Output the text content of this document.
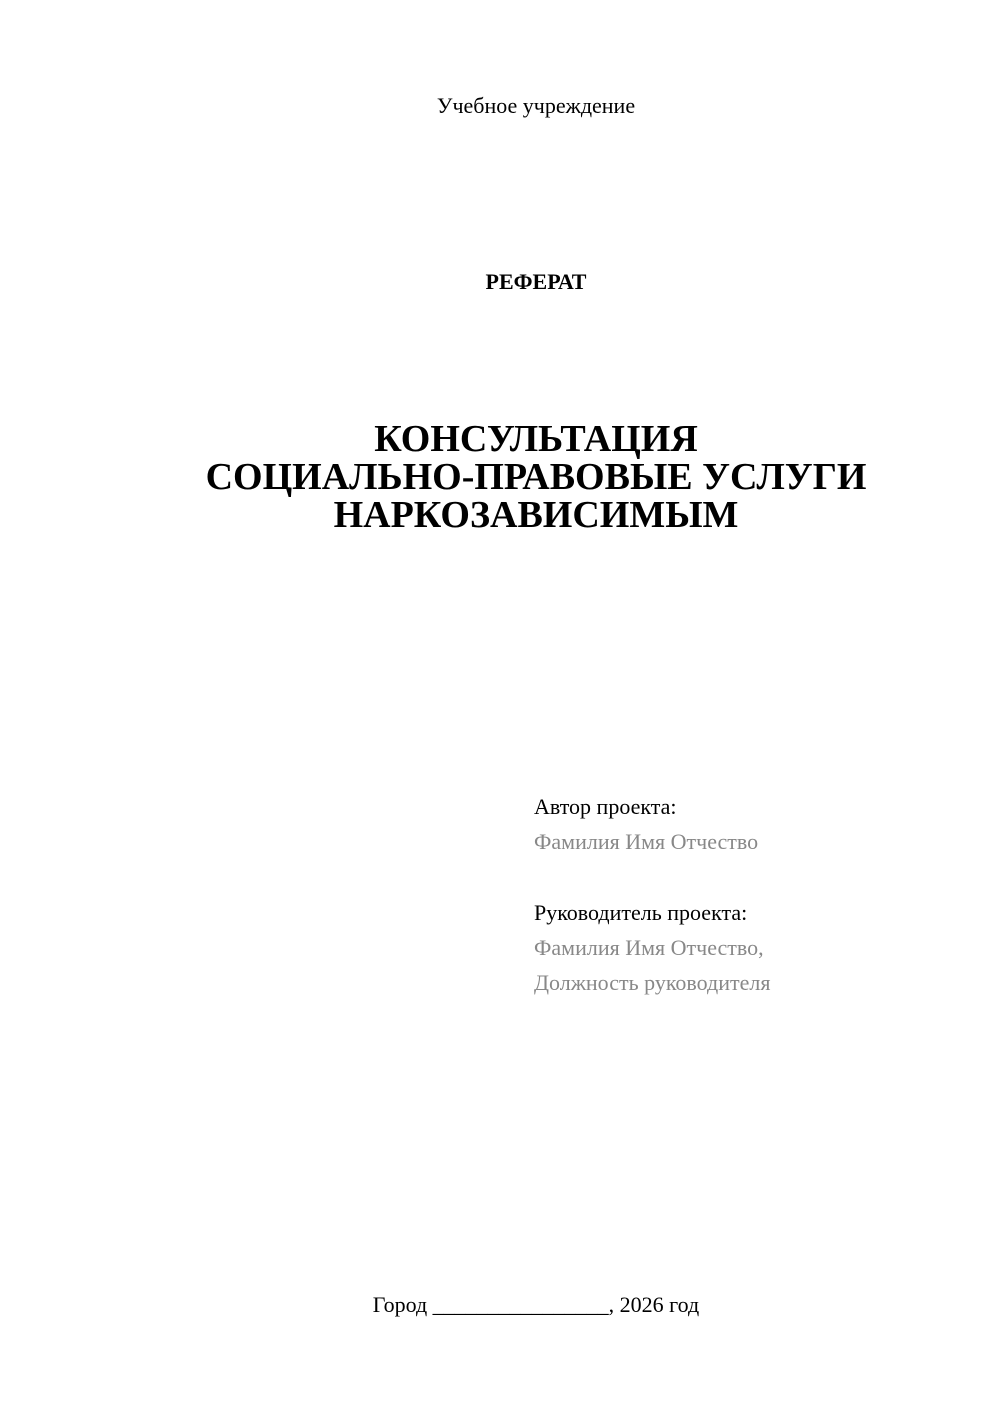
Учебное учреждение
РЕФЕРАТ
КОНСУЛЬТАЦИЯ
СОЦИАЛЬНО-ПРАВОВЫЕ УСЛУГИ
НАРКОЗАВИСИМЫМ
Автор проекта:
Фамилия Имя Отчество
Руководитель проекта:
Фамилия Имя Отчество,
Должность руководителя
Город ________________, 2026 год
